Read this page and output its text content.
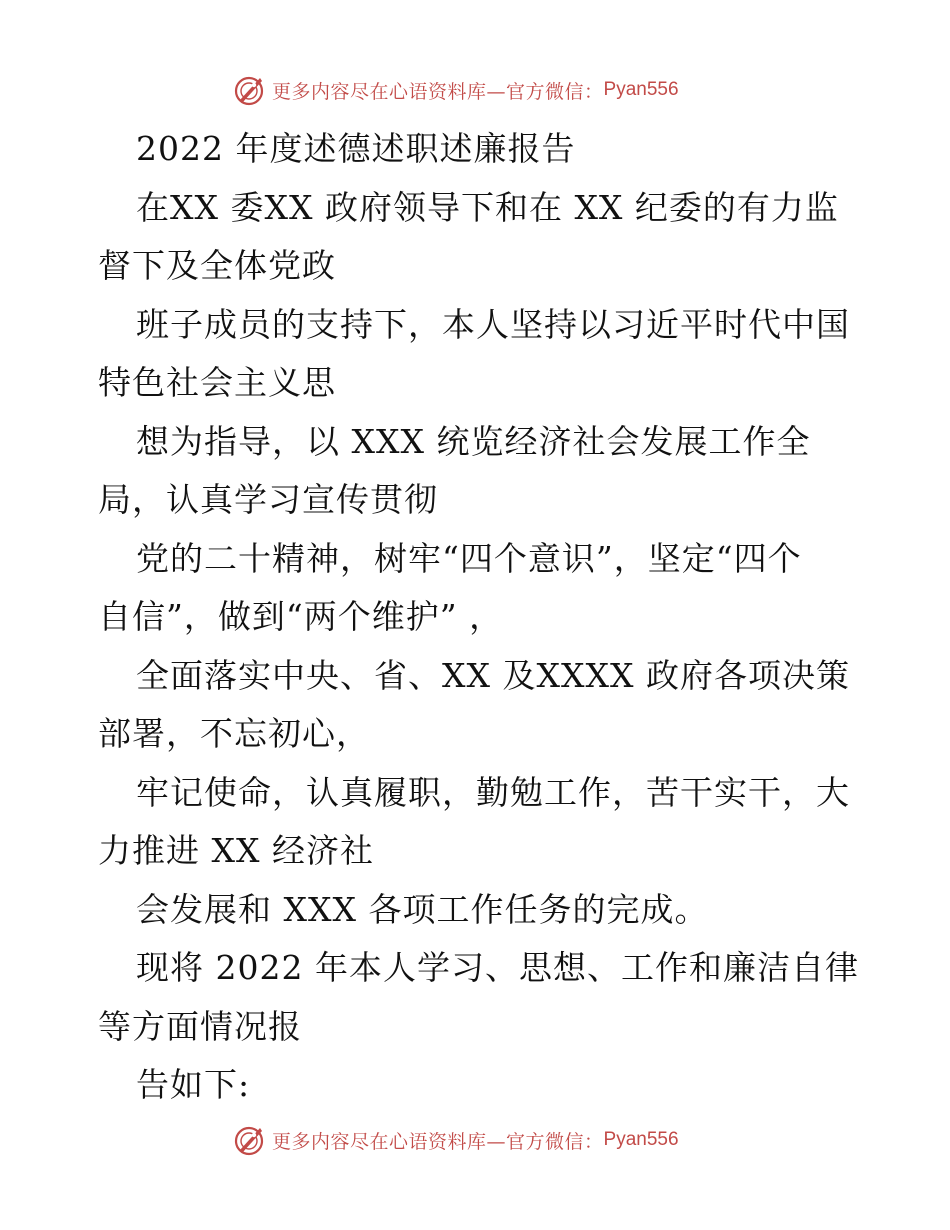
更多内容尽在心语资料库—官方微信： Pyan556
2022 年度述德述职述廉报告
在XX 委XX 政府领导下和在 XX 纪委的有力监
督下及全体党政
班子成员的支持下，本人坚持以习近平时代中国
特色社会主义思
想为指导，以 XXX 统览经济社会发展工作全
局，认真学习宣传贯彻
党的二十精神，树牢“四个意识”，坚定“四个
自信”，做到“两个维护” ，
全面落实中央、省、XX 及XXXX 政府各项决策
部署，不忘初心，
牢记使命，认真履职，勤勉工作，苦干实干，大
力推进 XX 经济社
会发展和 XXX 各项工作任务的完成。
现将 2022 年本人学习、思想、工作和廉洁自律
等方面情况报
告如下:
更多内容尽在心语资料库—官方微信： Pyan556
